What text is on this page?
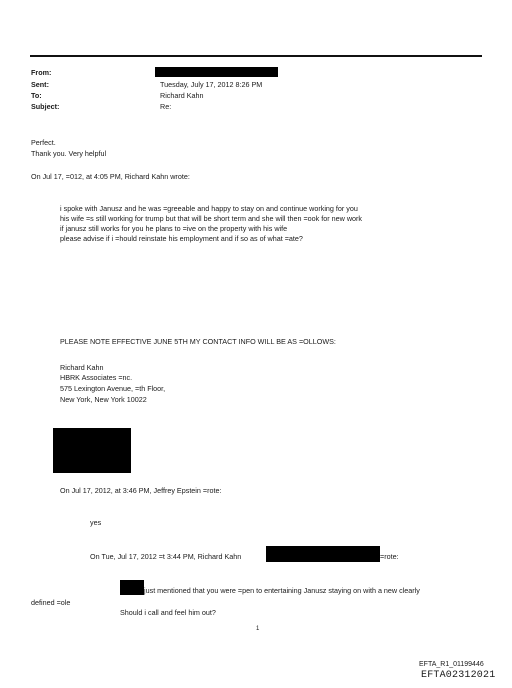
From:
Sent:
To:
Subject:
Tuesday, July 17, 2012 8:26 PM
Richard Kahn
Re:
Perfect.
Thank you. Very helpful
On Jul 17, =012, at 4:05 PM, Richard Kahn wrote:
i spoke with Janusz and he was =greeable and happy to stay on and continue working for you
his wife =s still working for trump but that will be short term and she will then =ook for new work
if janusz still works for you he plans to =ive on the property with his wife
please advise if i =hould reinstate his employment and if so as of what =ate?
PLEASE NOTE EFFECTIVE JUNE 5TH MY CONTACT INFO WILL BE AS =OLLOWS:
Richard Kahn
HBRK Associates =nc.
575 Lexington Avenue, =th Floor,
New York, New York 10022
On Jul 17, 2012, at 3:46 PM, Jeffrey Epstein =rote:
yes
On Tue, Jul 17, 2012 =t 3:44 PM, Richard Kahn	=rote:
just mentioned that you were =pen to entertaining Janusz staying on with a new clearly
defined =ole
Should i call and feel him out?
1
EFTA_R1_01199446
EFTA02312021
